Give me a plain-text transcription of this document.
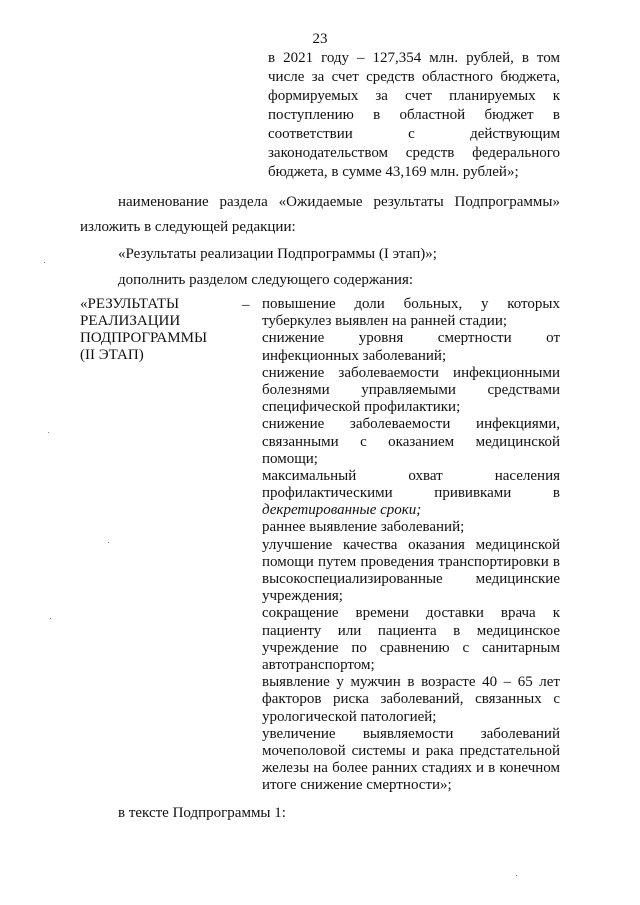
23
в 2021 году – 127,354 млн. рублей, в том
числе за счет средств областного бюджета,
формируемых за счет планируемых к
поступлению в областной бюджет в
соответствии с действующим
законодательством средств федерального
бюджета, в сумме 43,169 млн. рублей»;
наименование раздела «Ожидаемые результаты Подпрограммы»
изложить в следующей редакции:
«Результаты реализации Подпрограммы (I этап)»;
дополнить разделом следующего содержания:
«РЕЗУЛЬТАТЫ
РЕАЛИЗАЦИИ
ПОДПРОГРАММЫ
(II ЭТАП)
– повышение доли больных, у которых
туберкулез выявлен на ранней стадии;
снижение уровня смертности от
инфекционных заболеваний;
снижение заболеваемости инфекционными
болезнями управляемыми средствами
специфической профилактики;
снижение заболеваемости инфекциями,
связанными с оказанием медицинской
помощи;
максимальный охват населения
профилактическими прививками в
декретированные сроки;
раннее выявление заболеваний;
улучшение качества оказания медицинской
помощи путем проведения транспортировки в
высокоспециализированные медицинские
учреждения;
сокращение времени доставки врача к
пациенту или пациента в медицинское
учреждение по сравнению с санитарным
автотранспортом;
выявление у мужчин в возрасте 40 – 65 лет
факторов риска заболеваний, связанных с
урологической патологией;
увеличение выявляемости заболеваний
мочеполовой системы и рака предстательной
железы на более ранних стадиях и в конечном
итоге снижение смертности»;
в тексте Подпрограммы 1:
